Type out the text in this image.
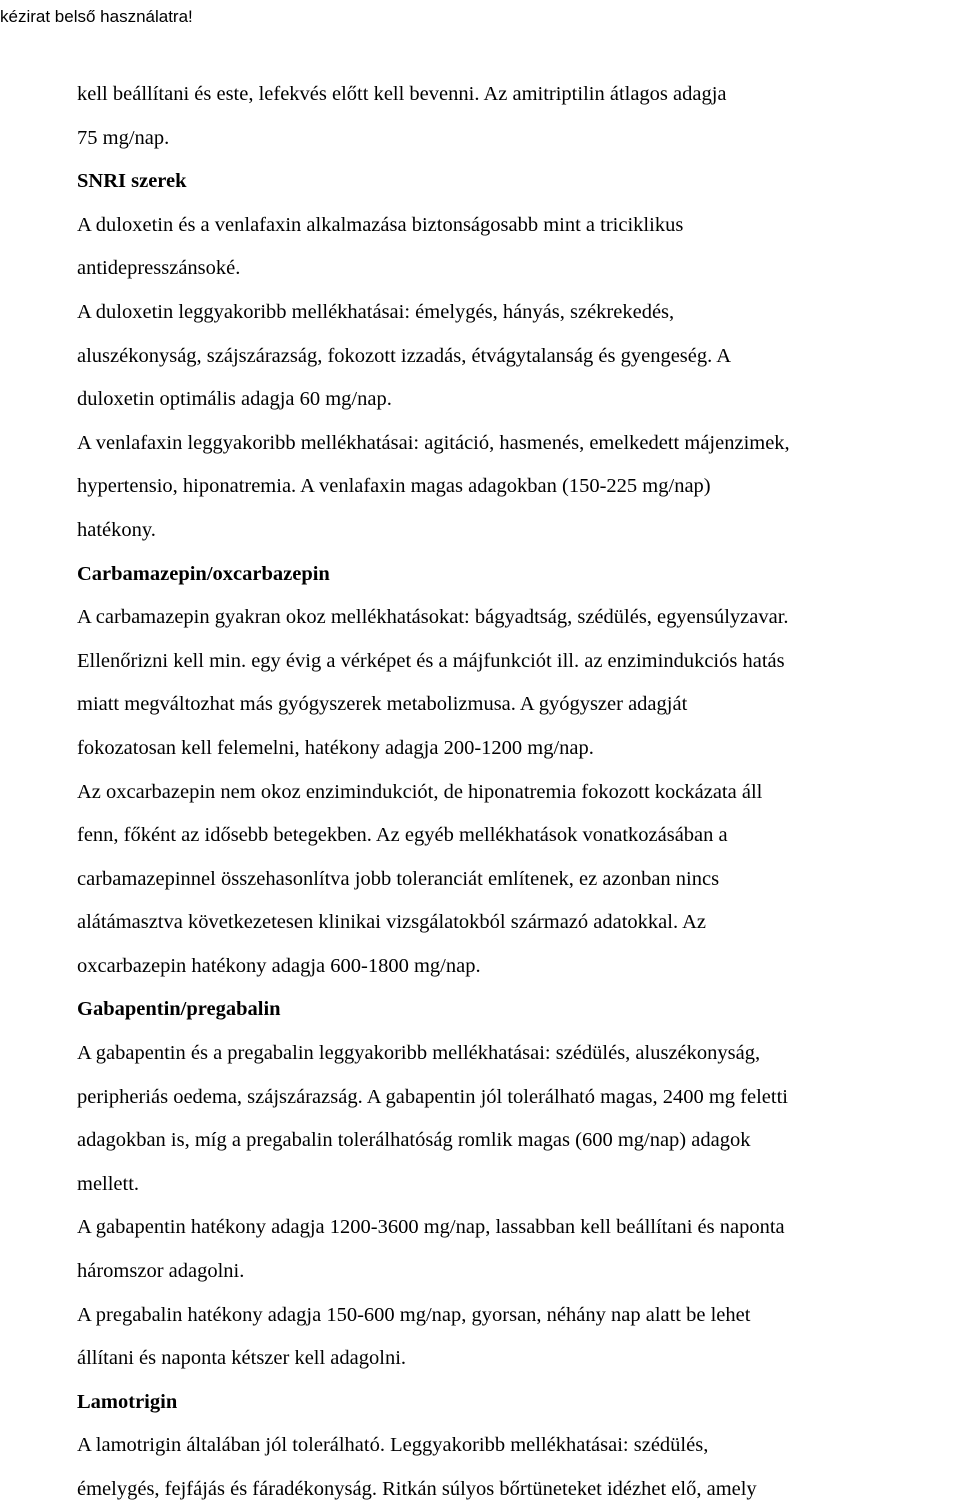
kézirat belső használatra!
kell beállítani és este, lefekvés előtt kell bevenni. Az amitriptilin átlagos adagja
75 mg/nap.
SNRI szerek
A duloxetin és a venlafaxin alkalmazása biztonságosabb mint a triciklikus
antidepresszánsoké.
A duloxetin leggyakoribb mellékhatásai: émelygés, hányás, székrekedés,
aluszékonyság, szájszárazság, fokozott izzadás, étvágytalanság és gyengeség. A
duloxetin optimális adagja 60 mg/nap.
A venlafaxin leggyakoribb mellékhatásai: agitáció, hasmenés, emelkedett májenzimek,
hypertensio, hiponatremia. A venlafaxin magas adagokban (150-225 mg/nap)
hatékony.
Carbamazepin/oxcarbazepin
A carbamazepin gyakran okoz mellékhatásokat: bágyadtság, szédülés, egyensúlyzavar.
Ellenőrizni kell min. egy évig a vérképet és a májfunkciót ill. az enzimindukciós hatás
miatt megváltozhat más gyógyszerek metabolizmusa. A gyógyszer adagját
fokozatosan kell felemelni, hatékony adagja 200-1200 mg/nap.
Az oxcarbazepin nem okoz enzimindukciót, de hiponatremia fokozott kockázata áll
fenn, főként az idősebb betegekben. Az egyéb mellékhatások vonatkozásában a
carbamazepinnel összehasonlítva jobb toleranciát említenek, ez azonban nincs
alátámasztva következetesen klinikai vizsgálatokból származó adatokkal. Az
oxcarbazepin hatékony adagja 600-1800 mg/nap.
Gabapentin/pregabalin
A gabapentin és a pregabalin leggyakoribb mellékhatásai: szédülés, aluszékonyság,
peripheriás oedema, szájszárazság. A gabapentin jól tolerálható magas, 2400 mg feletti
adagokban is, míg a pregabalin tolerálhatóság romlik magas (600 mg/nap) adagok
mellett.
A gabapentin hatékony adagja 1200-3600 mg/nap, lassabban kell beállítani és naponta
háromszor adagolni.
A pregabalin hatékony adagja 150-600 mg/nap, gyorsan, néhány nap alatt be lehet
állítani és naponta kétszer kell adagolni.
Lamotrigin
A lamotrigin általában jól tolerálható. Leggyakoribb mellékhatásai: szédülés,
émelygés, fejfájás és fáradékonyság. Ritkán súlyos bőrtüneteket idézhet elő, amely
